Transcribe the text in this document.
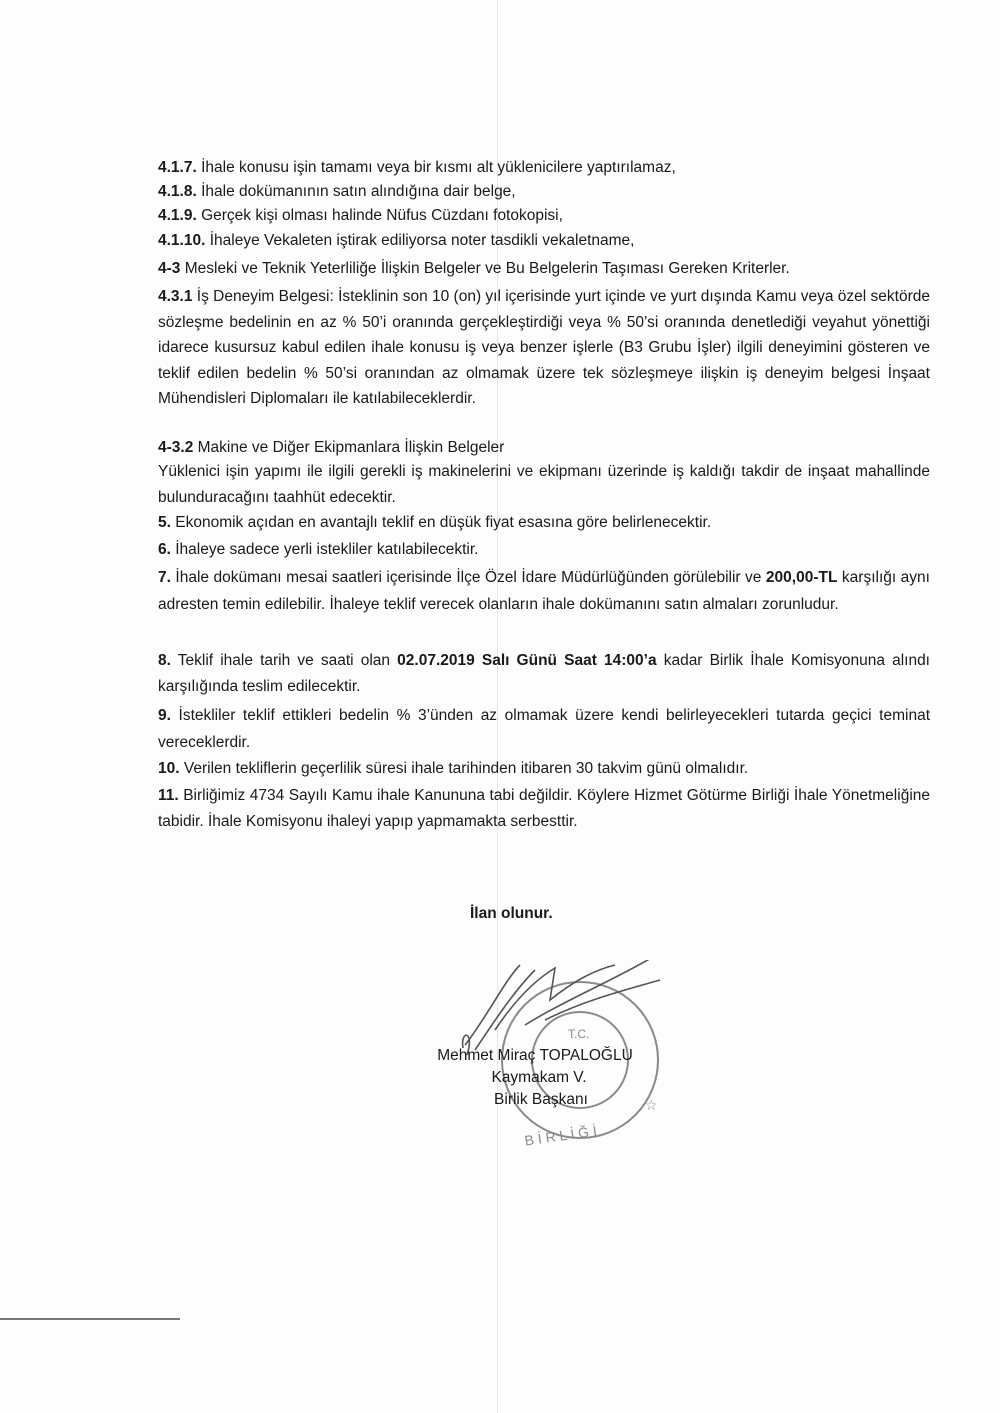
4.1.7. İhale konusu işin tamamı veya bir kısmı alt yüklenicilere yaptırılamaz,
4.1.8. İhale dokümanının satın alındığına dair belge,
4.1.9. Gerçek kişi olması halinde Nüfus Cüzdanı fotokopisi,
4.1.10. İhaleye Vekaleten iştirak ediliyorsa noter tasdikli vekaletname,
4-3 Mesleki ve Teknik Yeterliliğe İlişkin Belgeler ve Bu Belgelerin Taşıması Gereken Kriterler.
4.3.1 İş Deneyim Belgesi: İsteklinin son 10 (on) yıl içerisinde yurt içinde ve yurt dışında Kamu veya özel sektörde sözleşme bedelinin en az % 50’i oranında gerçekleştirdiği veya % 50’si oranında denetlediği veyahut yönettiği idarece kusursuz kabul edilen ihale konusu iş veya benzer işlerle (B3 Grubu İşler) ilgili deneyimini gösteren ve teklif edilen bedelin % 50’si oranından az olmamak üzere tek sözleşmeye ilişkin iş deneyim belgesi İnşaat Mühendisleri Diplomaları ile katılabileceklerdir.
4-3.2 Makine ve Diğer Ekipmanlara İlişkin Belgeler
Yüklenici işin yapımı ile ilgili gerekli iş makinelerini ve ekipmanı üzerinde iş kaldığı takdir de inşaat mahallinde bulunduracağını taahhüt edecektir.
5. Ekonomik açıdan en avantajlı teklif en düşük fiyat esasına göre belirlenecektir.
6. İhaleye sadece yerli istekliler katılabilecektir.
7. İhale dokümanı mesai saatleri içerisinde İlçe Özel İdare Müdürlüğünden görülebilir ve 200,00-TL karşılığı aynı adresten temin edilebilir. İhaleye teklif verecek olanların ihale dokümanını satın almaları zorunludur.
8. Teklif ihale tarih ve saati olan 02.07.2019 Salı Günü Saat 14:00’a kadar Birlik İhale Komisyonuna alındı karşılığında teslim edilecektir.
9. İstekliler teklif ettikleri bedelin % 3’ünden az olmamak üzere kendi belirleyecekleri tutarda geçici teminat vereceklerdir.
10. Verilen tekliflerin geçerlilik süresi ihale tarihinden itibaren 30 takvim günü olmalıdır.
11. Birliğimiz 4734 Sayılı Kamu ihale Kanununa tabi değildir. Köylere Hizmet Götürme Birliği İhale Yönetmeliğine tabidir. İhale Komisyonu ihaleyi yapıp yapmamakta serbesttir.
İlan olunur.
T.C.
B İ R L İ Ğ İ
☆
Mehmet Miraç TOPALOĞLU
Kaymakam V.
Birlik Başkanı
